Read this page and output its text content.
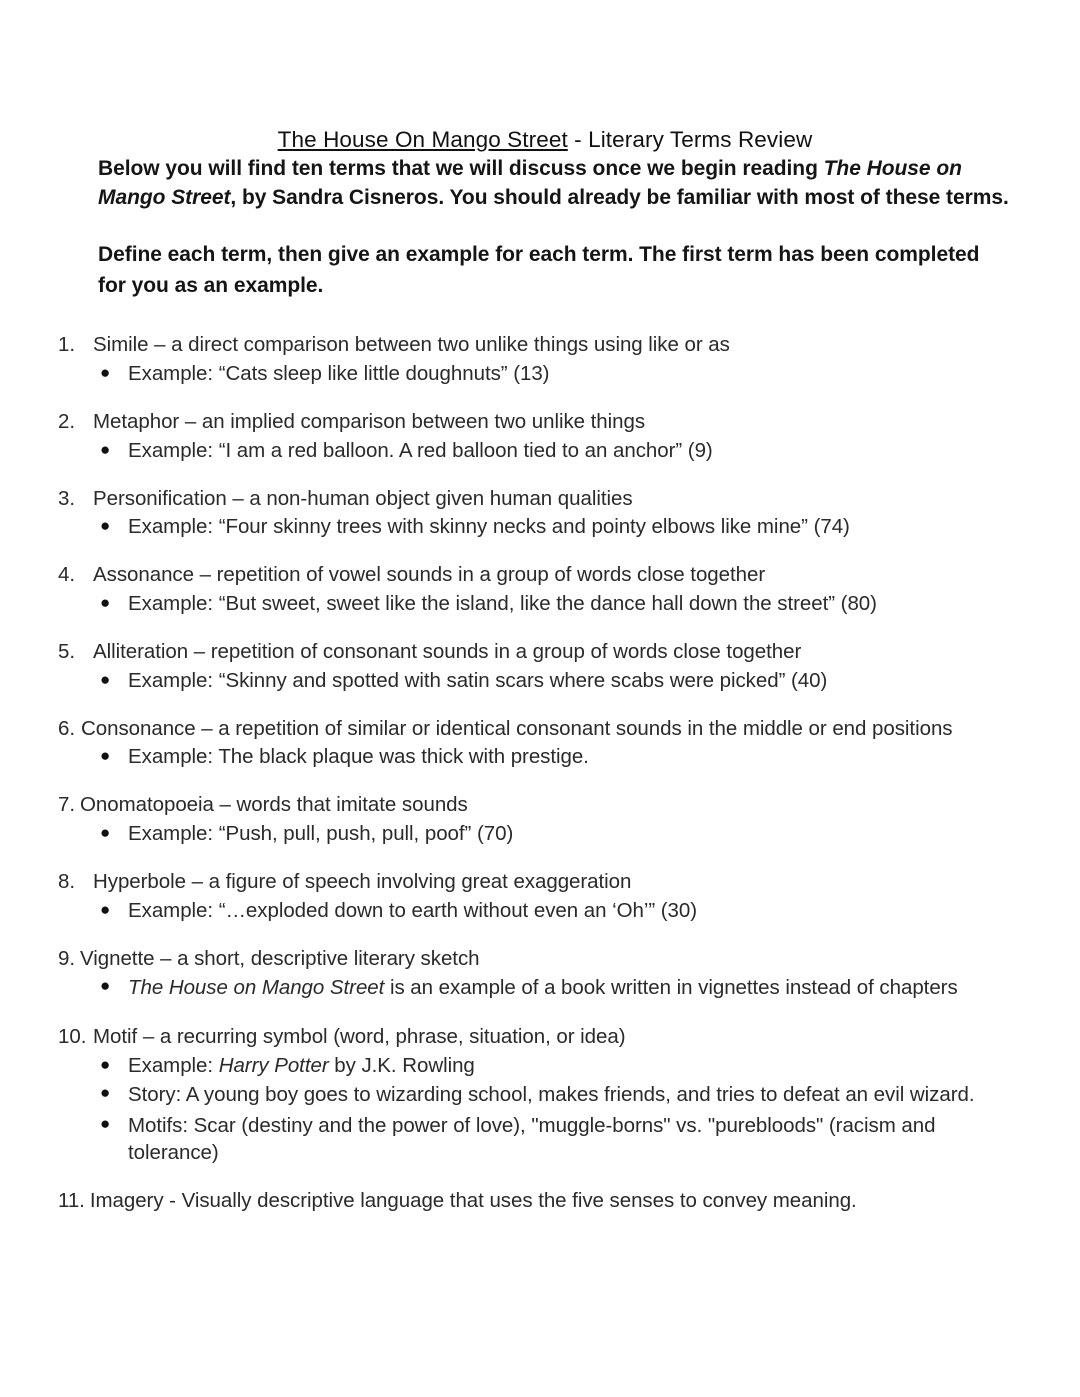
The House On Mango Street - Literary Terms Review

Below you will find ten terms that we will discuss once we begin reading The House on Mango Street, by Sandra Cisneros. You should already be familiar with most of these terms.

Define each term, then give an example for each term. The first term has been completed for you as an example.

1. Simile – a direct comparison between two unlike things using like or as
● Example: “Cats sleep like little doughnuts” (13)
2. Metaphor – an implied comparison between two unlike things
● Example: “I am a red balloon. A red balloon tied to an anchor” (9)
3. Personification – a non-human object given human qualities
● Example: “Four skinny trees with skinny necks and pointy elbows like mine” (74)
4. Assonance – repetition of vowel sounds in a group of words close together
● Example: “But sweet, sweet like the island, like the dance hall down the street” (80)
5. Alliteration – repetition of consonant sounds in a group of words close together
● Example: “Skinny and spotted with satin scars where scabs were picked” (40)
6. Consonance – a repetition of similar or identical consonant sounds in the middle or end positions
● Example: The black plaque was thick with prestige.
7. Onomatopoeia – words that imitate sounds
● Example: “Push, pull, push, pull, poof” (70)
8. Hyperbole – a figure of speech involving great exaggeration
● Example: “…exploded down to earth without even an ‘Oh’” (30)
9. Vignette – a short, descriptive literary sketch
● The House on Mango Street is an example of a book written in vignettes instead of chapters
10. Motif – a recurring symbol (word, phrase, situation, or idea)
● Example: Harry Potter by J.K. Rowling
● Story: A young boy goes to wizarding school, makes friends, and tries to defeat an evil wizard.
● Motifs: Scar (destiny and the power of love), "muggle-borns" vs. "purebloods" (racism and tolerance)
11. Imagery - Visually descriptive language that uses the five senses to convey meaning.
